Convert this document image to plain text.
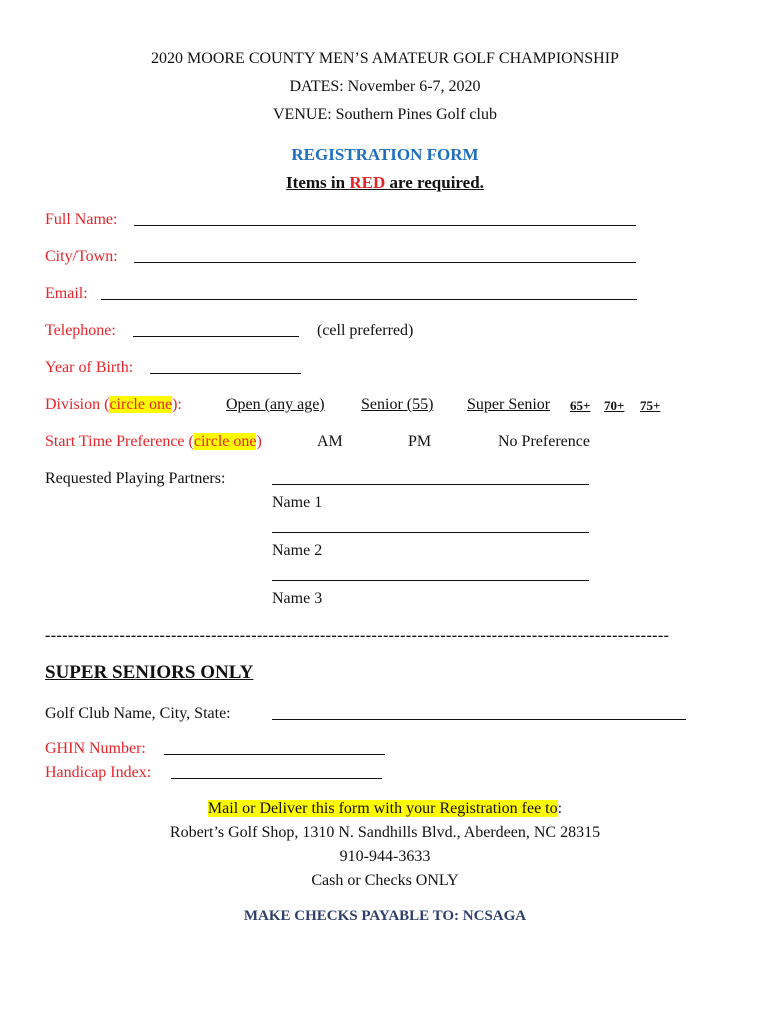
2020 MOORE COUNTY MEN’S AMATEUR GOLF CHAMPIONSHIP
DATES: November 6-7, 2020
VENUE: Southern Pines Golf club
REGISTRATION FORM
Items in RED are required.
Full Name:
City/Town:
Email:
Telephone:	(cell preferred)
Year of Birth:
Division (circle one):	Open (any age) Senior (55) Super Senior 65+ 70+ 75+
Start Time Preference (circle one)	AM	PM	No Preference
Requested Playing Partners:
Name 1
Name 2
Name 3
-------------------------------------------------------------------------------------------------------------
SUPER SENIORS ONLY
Golf Club Name, City, State:
GHIN Number:
Handicap Index:
Mail or Deliver this form with your Registration fee to:
Robert’s Golf Shop, 1310 N. Sandhills Blvd., Aberdeen, NC 28315
910-944-3633
Cash or Checks ONLY
MAKE CHECKS PAYABLE TO: NCSAGA
